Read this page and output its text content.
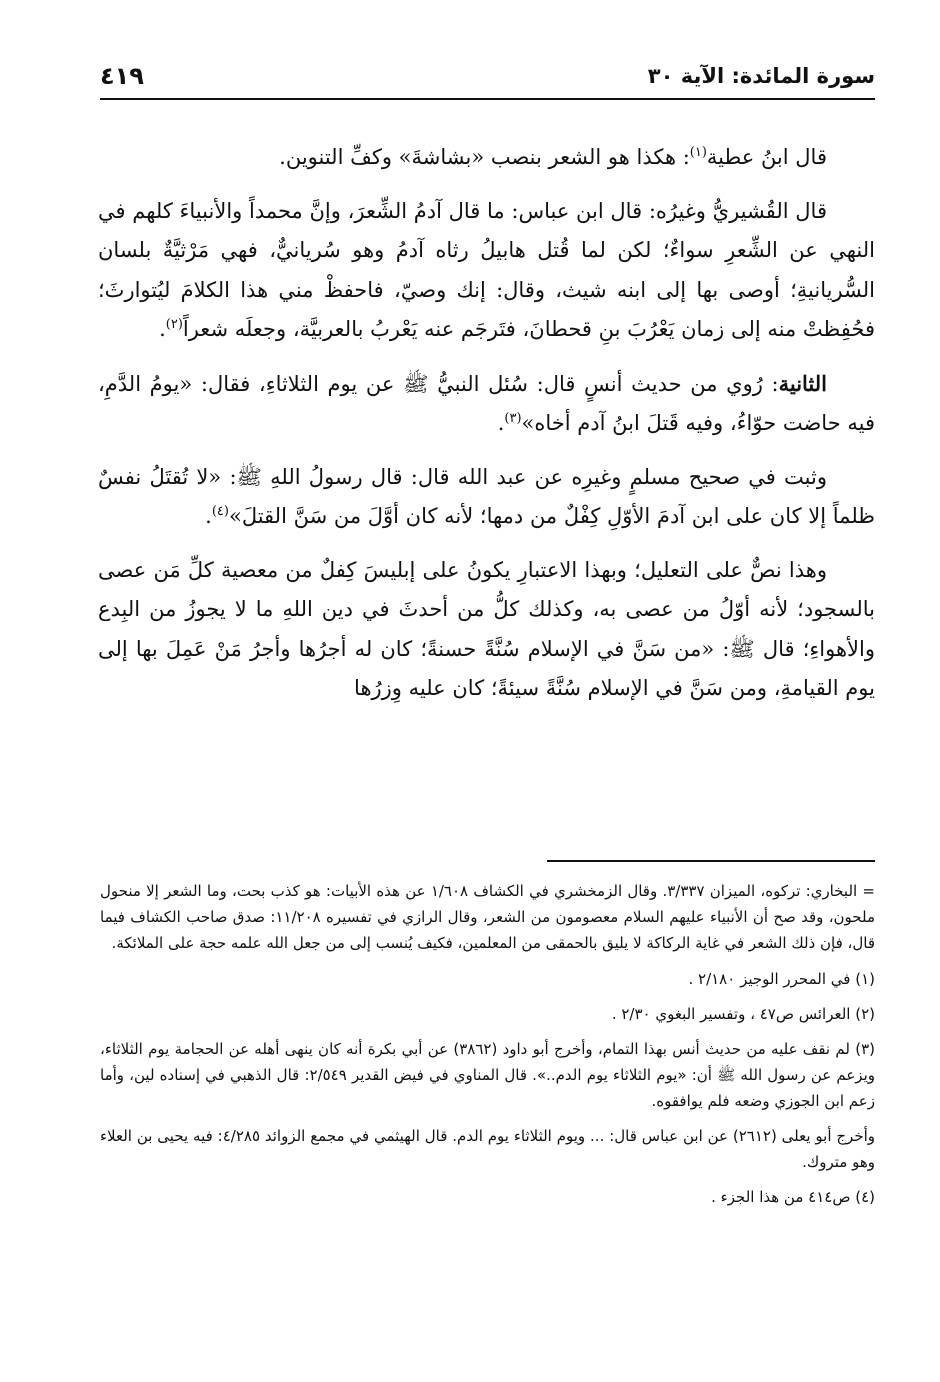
سورة المائدة: الآية ٣٠
٤١٩

قال ابنُ عطية$^{(١)}$: هكذا هو الشعر بنصب «بشاشةَ» وكفِّ التنوين.

قال القُشيريُّ وغيرُه: قال ابن عباس: ما قال آدمُ الشِّعرَ، وإنَّ محمداً والأنبياءَ كلهم في النهي عن الشِّعرِ سواءٌ؛ لكن لما قُتل هابيلُ رثاه آدمُ وهو سُريانيٌّ، فهي مَرْثيَّةٌ بلسان السُّريانيةِ؛ أوصى بها إلى ابنه شيث، وقال: إنك وصيّ، فاحفظْ مني هذا الكلامَ ليُتوارثَ؛ فحُفِظتْ منه إلى زمان يَعْرُبَ بنِ قحطانَ، فتَرجَم عنه يَعْربُ بالعربيَّة، وجعلَه شعراً$^{(٢)}$.

الثانية: رُوي من حديث أنسٍ قال: سُئل النبيُّ ﷺ عن يوم الثلاثاءِ، فقال: «يومُ الدَّمِ، فيه حاضت حوّاءُ، وفيه قَتلَ ابنُ آدم أخاه»$^{(٣)}$.

وثبت في صحيح مسلمٍ وغيرِه عن عبد الله قال: قال رسولُ اللهِ ﷺ: «لا تُقتَلُ نفسٌ ظلماً إلا كان على ابن آدمَ الأوّلِ كِفْلٌ من دمها؛ لأنه كان أوَّلَ من سَنَّ القتلَ»$^{(٤)}$.

وهذا نصٌّ على التعليل؛ وبهذا الاعتبارِ يكونُ على إبليسَ كِفلٌ من معصية كلِّ مَن عصى بالسجود؛ لأنه أوّلُ من عصى به، وكذلك كلُّ من أحدثَ في دين اللهِ ما لا يجوزُ من البِدع والأهواءِ؛ قال ﷺ: «من سَنَّ في الإسلام سُنَّةً حسنةً؛ كان له أجرُها وأجرُ مَنْ عَمِلَ بها إلى يوم القيامةِ، ومن سَنَّ في الإسلام سُنَّةً سيئةً؛ كان عليه وِزرُها

= البخاري: تركوه، الميزان ٣/٣٣٧. وقال الزمخشري في الكشاف ١/٦٠٨ عن هذه الأبيات: هو كذب بحت، وما الشعر إلا منحول ملحون، وقد صح أن الأنبياء عليهم السلام معصومون من الشعر، وقال الرازي في تفسيره ١١/٢٠٨: صدق صاحب الكشاف فيما قال، فإن ذلك الشعر في غاية الركاكة لا يليق بالحمقى من المعلمين، فكيف يُنسب إلى من جعل الله علمه حجة على الملائكة.

(١) في المحرر الوجيز ٢/١٨٠ .

(٢) العرائس ص٤٧ ، وتفسير البغوي ٢/٣٠ .

(٣) لم نقف عليه من حديث أنس بهذا التمام، وأخرج أبو داود (٣٨٦٢) عن أبي بكرة أنه كان ينهى أهله عن الحجامة يوم الثلاثاء، ويزعم عن رسول الله ﷺ أن: «يوم الثلاثاء يوم الدم..». قال المناوي في فيض القدير ٢/٥٤٩: قال الذهبي في إسناده لين، وأما زعم ابن الجوزي وضعه فلم يوافقوه.

وأخرج أبو يعلى (٢٦١٢) عن ابن عباس قال: ... ويوم الثلاثاء يوم الدم. قال الهيثمي في مجمع الزوائد ٤/٢٨٥: فيه يحيى بن العلاء وهو متروك.

(٤) ص٤١٤ من هذا الجزء .
